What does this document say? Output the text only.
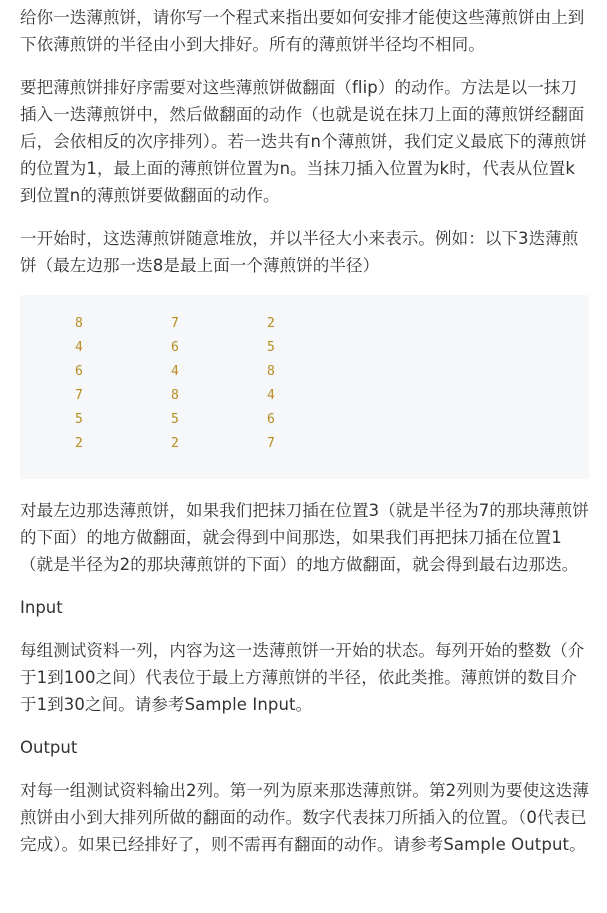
给你一迭薄煎饼，请你写一个程式来指出要如何安排才能使这些薄煎饼由上到下依薄煎饼的半径由小到大排好。所有的薄煎饼半径均不相同。

要把薄煎饼排好序需要对这些薄煎饼做翻面（flip）的动作。方法是以一抹刀插入一迭薄煎饼中，然后做翻面的动作（也就是说在抹刀上面的薄煎饼经翻面后，会依相反的次序排列）。若一迭共有n个薄煎饼，我们定义最底下的薄煎饼的位置为1，最上面的薄煎饼位置为n。当抹刀插入位置为k时，代表从位置k到位置n的薄煎饼要做翻面的动作。

一开始时，这迭薄煎饼随意堆放，并以半径大小来表示。例如：以下3迭薄煎饼（最左边那一迭8是最上面一个薄煎饼的半径）

8	7	2
4	6	5
6	4	8
7	8	4
5	5	6
2	2	7

对最左边那迭薄煎饼，如果我们把抹刀插在位置3（就是半径为7的那块薄煎饼的下面）的地方做翻面，就会得到中间那迭，如果我们再把抹刀插在位置1（就是半径为2的那块薄煎饼的下面）的地方做翻面，就会得到最右边那迭。

Input

每组测试资料一列，内容为这一迭薄煎饼一开始的状态。每列开始的整数（介于1到100之间）代表位于最上方薄煎饼的半径，依此类推。薄煎饼的数目介于1到30之间。请参考Sample Input。

Output

对每一组测试资料输出2列。第一列为原来那迭薄煎饼。第2列则为要使这迭薄煎饼由小到大排列所做的翻面的动作。数字代表抹刀所插入的位置。（0代表已完成）。如果已经排好了，则不需再有翻面的动作。请参考Sample Output。
